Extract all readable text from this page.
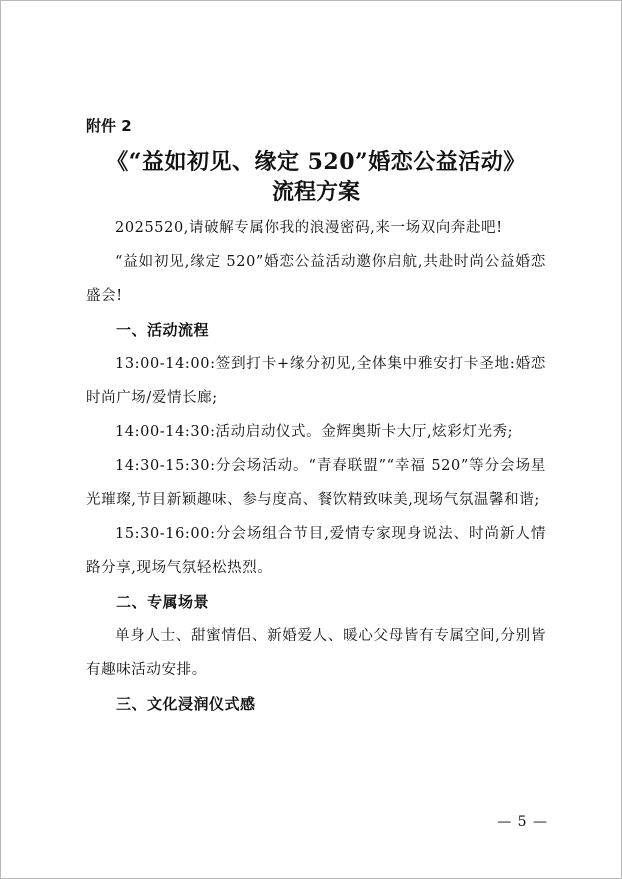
附件 2
《“益如初见、缘定 520”婚恋公益活动》
流程方案

2025520,请破解专属你我的浪漫密码,来一场双向奔赴吧!

“益如初见,缘定 520”婚恋公益活动邀你启航,共赴时尚公益婚恋盛会!

一、活动流程

13:00-14:00:签到打卡+缘分初见,全体集中雅安打卡圣地:婚恋时尚广场/爱情长廊;

14:00-14:30:活动启动仪式。金辉奥斯卡大厅,炫彩灯光秀;

14:30-15:30:分会场活动。“青春联盟”“幸福 520”等分会场星光璀璨,节目新颖趣味、参与度高、餐饮精致味美,现场气氛温馨和谐;

15:30-16:00:分会场组合节目,爱情专家现身说法、时尚新人情路分享,现场气氛轻松热烈。

二、专属场景

单身人士、甜蜜情侣、新婚爱人、暖心父母皆有专属空间,分别皆有趣味活动安排。

三、文化浸润仪式感
— 5 —
